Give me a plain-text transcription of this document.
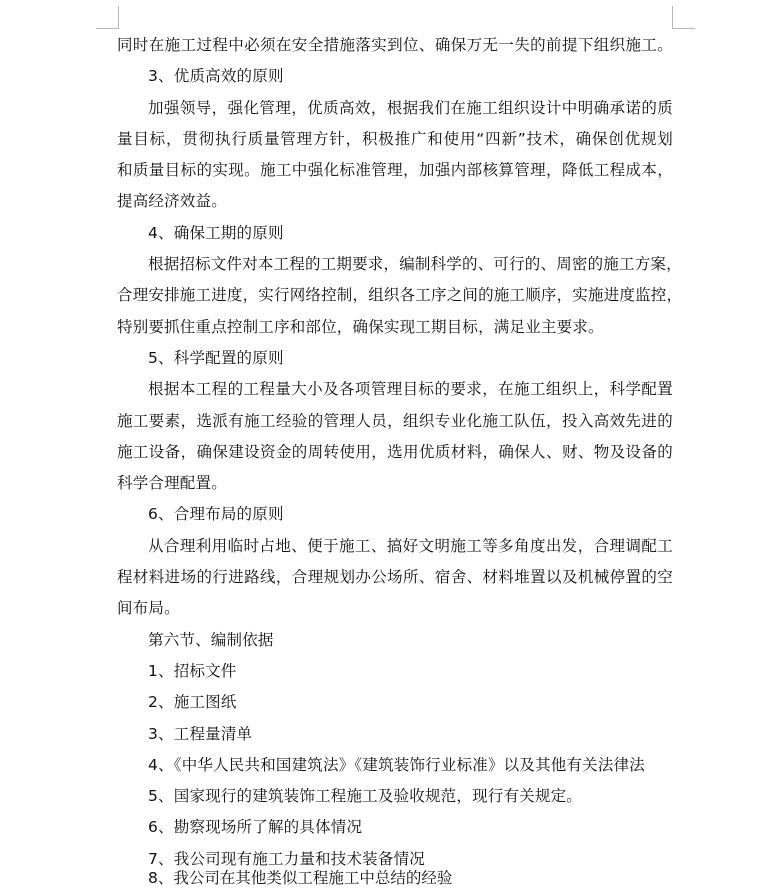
同时在施工过程中必须在安全措施落实到位、确保万无一失的前提下组织施工。
3、优质高效的原则
加强领导，强化管理，优质高效，根据我们在施工组织设计中明确承诺的质
量目标，贯彻执行质量管理方针，积极推广和使用“四新”技术，确保创优规划
和质量目标的实现。施工中强化标准管理，加强内部核算管理，降低工程成本，
提高经济效益。
4、确保工期的原则
根据招标文件对本工程的工期要求，编制科学的、可行的、周密的施工方案，
合理安排施工进度，实行网络控制，组织各工序之间的施工顺序，实施进度监控，
特别要抓住重点控制工序和部位，确保实现工期目标，满足业主要求。
5、科学配置的原则
根据本工程的工程量大小及各项管理目标的要求，在施工组织上，科学配置
施工要素，选派有施工经验的管理人员，组织专业化施工队伍，投入高效先进的
施工设备，确保建设资金的周转使用，选用优质材料，确保人、财、物及设备的
科学合理配置。
6、合理布局的原则
从合理利用临时占地、便于施工、搞好文明施工等多角度出发，合理调配工
程材料进场的行进路线，合理规划办公场所、宿舍、材料堆置以及机械停置的空
间布局。
第六节、编制依据
1、招标文件
2、施工图纸
3、工程量清单
4、《中华人民共和国建筑法》《建筑装饰行业标准》以及其他有关法律法
5、国家现行的建筑装饰工程施工及验收规范，现行有关规定。
6、勘察现场所了解的具体情况
7、我公司现有施工力量和技术装备情况
8、我公司在其他类似工程施工中总结的经验
